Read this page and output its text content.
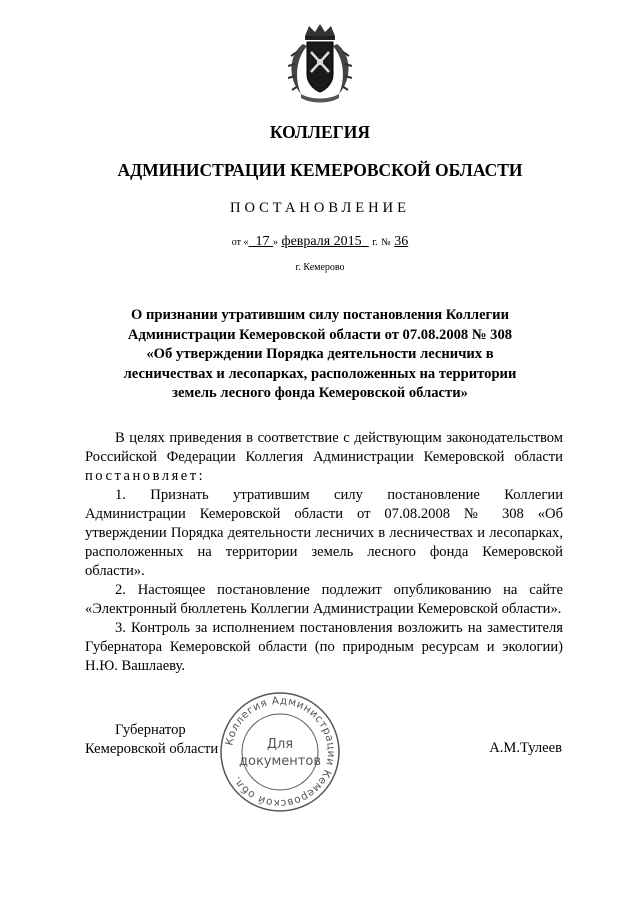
КОЛЛЕГИЯ
АДМИНИСТРАЦИИ КЕМЕРОВСКОЙ ОБЛАСТИ
ПОСТАНОВЛЕНИЕ
от « 17 » февраля 2015 г. № 36
г. Кемерово
О признании утратившим силу постановления Коллегии
Администрации Кемеровской области от 07.08.2008 № 308
«Об утверждении Порядка деятельности лесничих в
лесничествах и лесопарках, расположенных на территории
земель лесного фонда Кемеровской области»

В целях приведения в соответствие с действующим законодательством Российской Федерации Коллегия Администрации Кемеровской области постановляет:

1. Признать утратившим силу постановление Коллегии Администрации Кемеровской области от 07.08.2008 № 308 «Об утверждении Порядка деятельности лесничих в лесничествах и лесопарках, расположенных на территории земель лесного фонда Кемеровской области».

2. Настоящее постановление подлежит опубликованию на сайте «Электронный бюллетень Коллегии Администрации Кемеровской области».

3. Контроль за исполнением постановления возложить на заместителя Губернатора Кемеровской области (по природным ресурсам и экологии) Н.Ю. Вашлаеву.

Коллегия Администрации Кемеровской обл.
Для
документов
Губернатор
Кемеровской области	А.М.Тулеев
